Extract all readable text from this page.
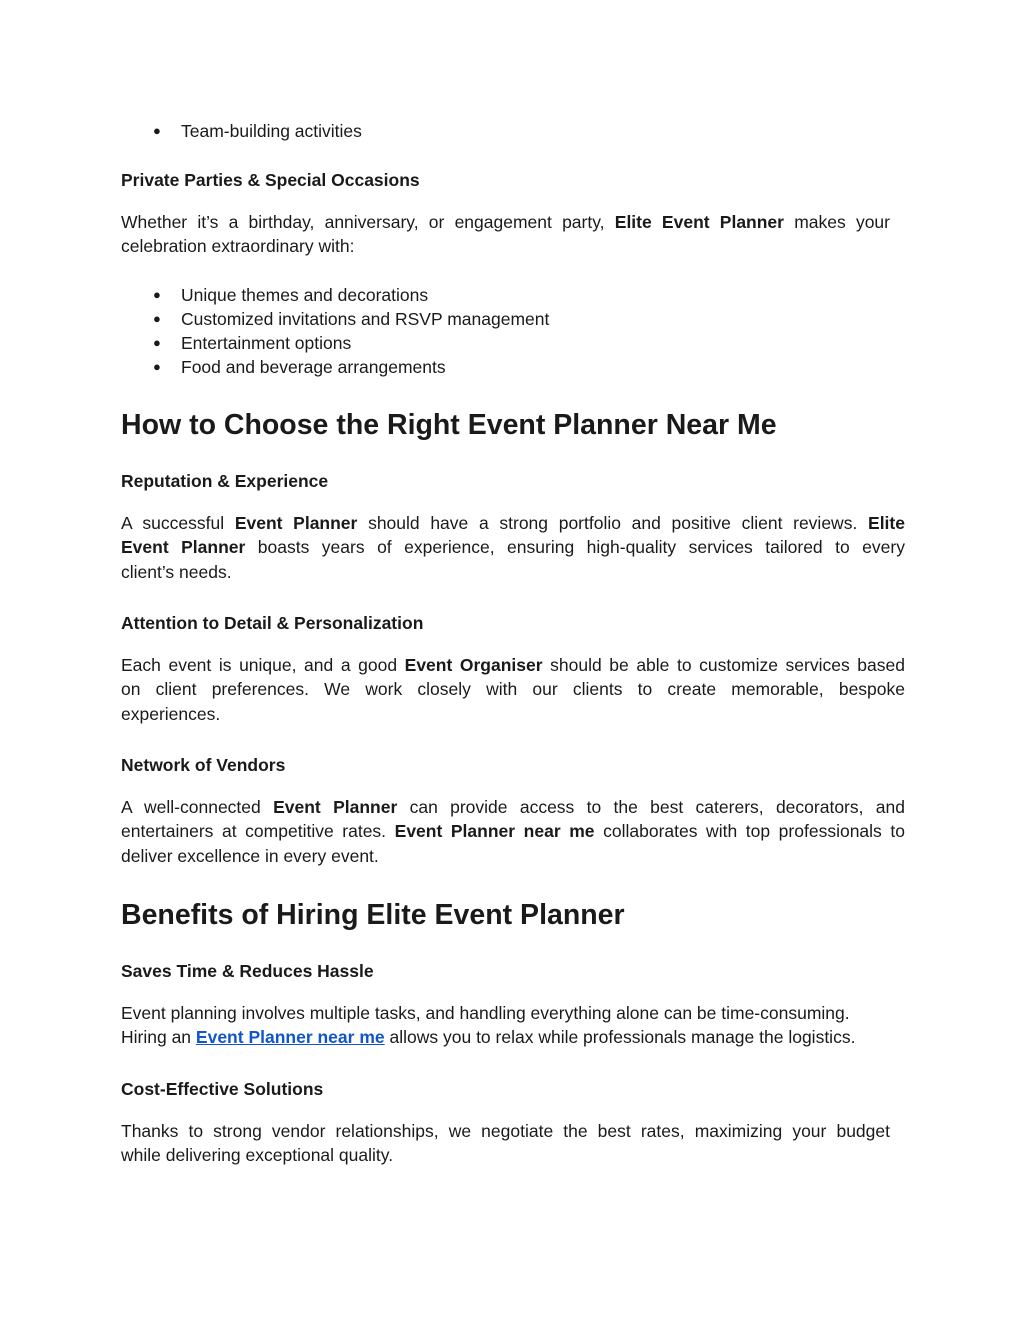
● Team-building activities
Private Parties & Special Occasions
Whether it’s a birthday, anniversary, or engagement party, Elite Event Planner makes your
celebration extraordinary with:
● Unique themes and decorations
● Customized invitations and RSVP management
● Entertainment options
● Food and beverage arrangements
How to Choose the Right Event Planner Near Me
Reputation & Experience
A successful Event Planner should have a strong portfolio and positive client reviews. Elite
Event Planner boasts years of experience, ensuring high-quality services tailored to every
client’s needs.
Attention to Detail & Personalization
Each event is unique, and a good Event Organiser should be able to customize services based
on client preferences. We work closely with our clients to create memorable, bespoke
experiences.
Network of Vendors
A well-connected Event Planner can provide access to the best caterers, decorators, and
entertainers at competitive rates. Event Planner near me collaborates with top professionals to
deliver excellence in every event.
Benefits of Hiring Elite Event Planner
Saves Time & Reduces Hassle
Event planning involves multiple tasks, and handling everything alone can be time-consuming.
Hiring an Event Planner near me allows you to relax while professionals manage the logistics.
Cost-Effective Solutions
Thanks to strong vendor relationships, we negotiate the best rates, maximizing your budget
while delivering exceptional quality.
